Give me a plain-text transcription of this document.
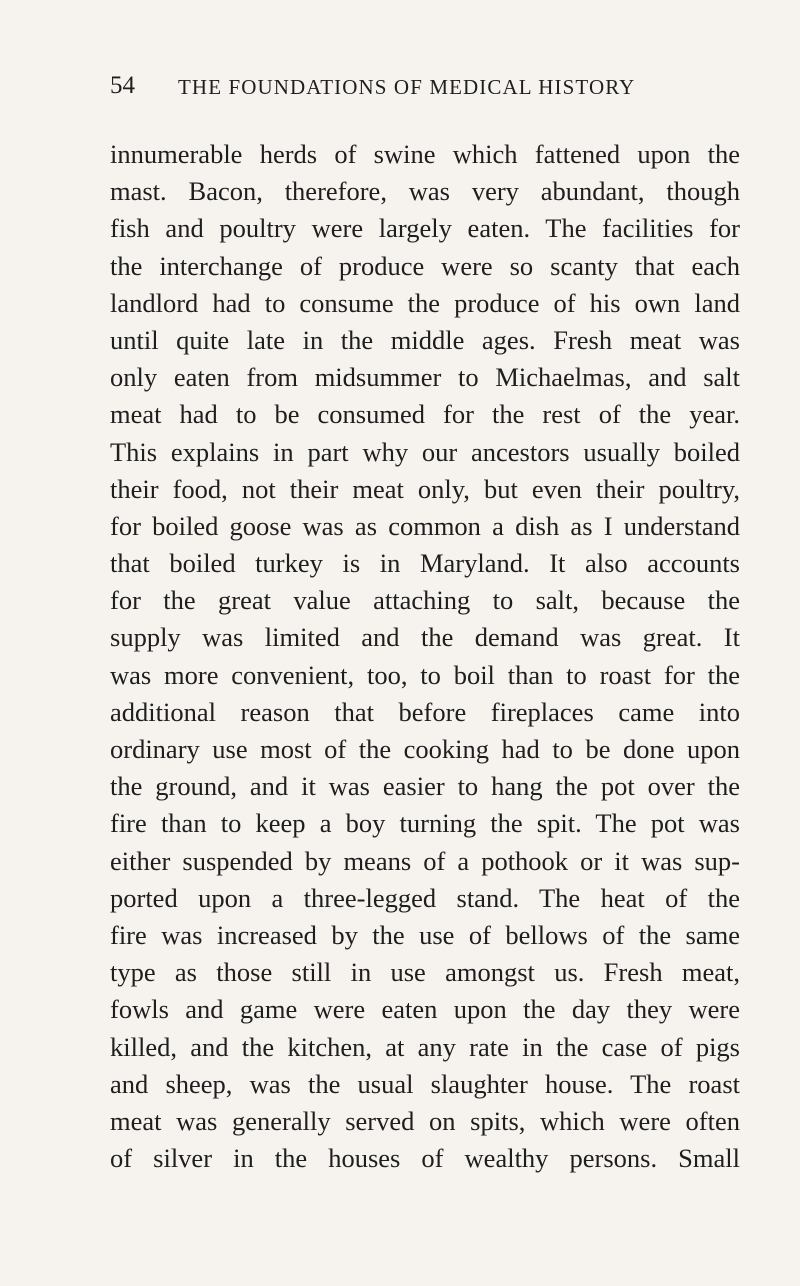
54 THE FOUNDATIONS OF MEDICAL HISTORY
innumerable herds of swine which fattened upon the
mast. Bacon, therefore, was very abundant, though
fish and poultry were largely eaten. The facilities for
the interchange of produce were so scanty that each
landlord had to consume the produce of his own land
until quite late in the middle ages. Fresh meat was
only eaten from midsummer to Michaelmas, and salt
meat had to be consumed for the rest of the year.
This explains in part why our ancestors usually boiled
their food, not their meat only, but even their poultry,
for boiled goose was as common a dish as I understand
that boiled turkey is in Maryland. It also accounts
for the great value attaching to salt, because the
supply was limited and the demand was great. It
was more convenient, too, to boil than to roast for the
additional reason that before fireplaces came into
ordinary use most of the cooking had to be done upon
the ground, and it was easier to hang the pot over the
fire than to keep a boy turning the spit. The pot was
either suspended by means of a pothook or it was sup-
ported upon a three-legged stand. The heat of the
fire was increased by the use of bellows of the same
type as those still in use amongst us. Fresh meat,
fowls and game were eaten upon the day they were
killed, and the kitchen, at any rate in the case of pigs
and sheep, was the usual slaughter house. The roast
meat was generally served on spits, which were often
of silver in the houses of wealthy persons. Small
